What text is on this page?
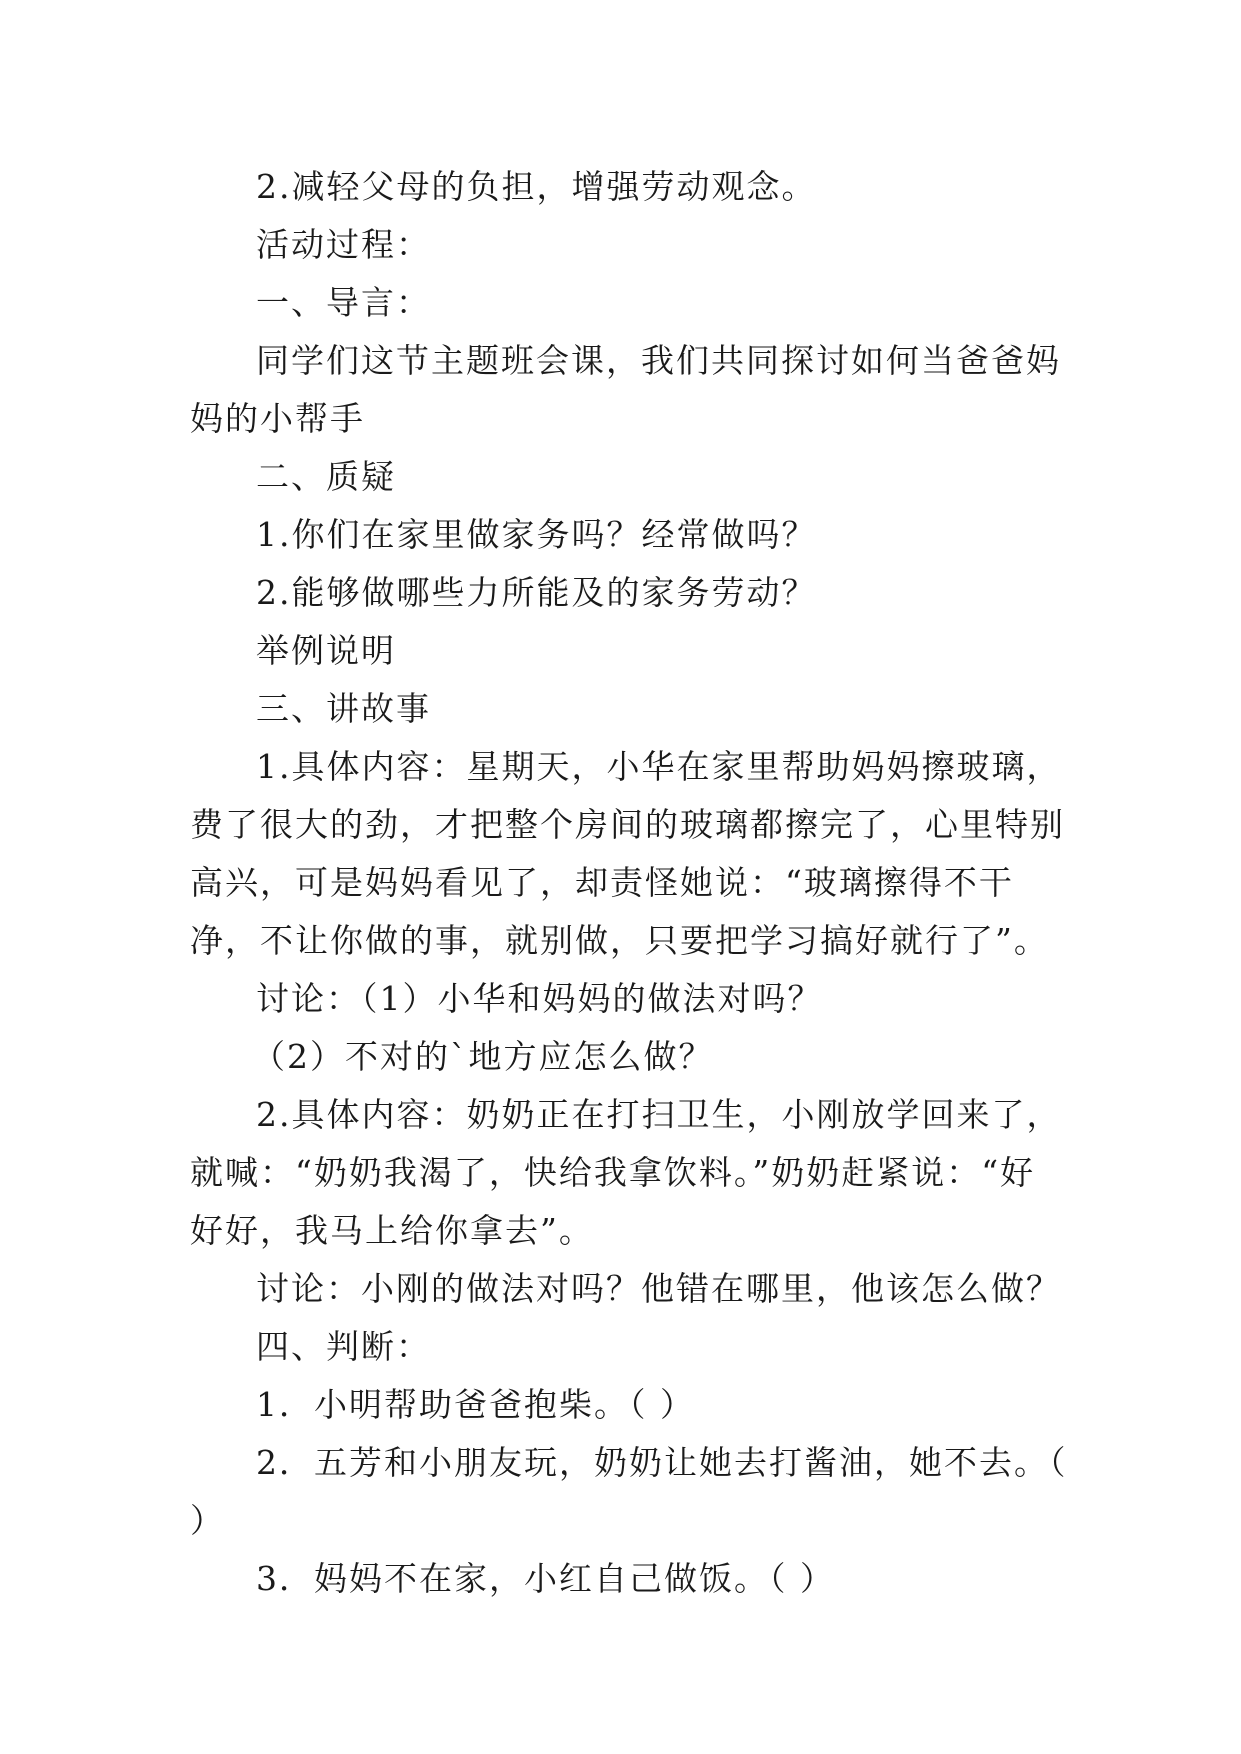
2.减轻父母的负担，增强劳动观念。

活动过程：

一、导言：

同学们这节主题班会课，我们共同探讨如何当爸爸妈妈的小帮手

二、质疑

1.你们在家里做家务吗？经常做吗？

2.能够做哪些力所能及的家务劳动？

举例说明

三、讲故事

1.具体内容：星期天，小华在家里帮助妈妈擦玻璃，费了很大的劲，才把整个房间的玻璃都擦完了，心里特别高兴，可是妈妈看见了，却责怪她说：“玻璃擦得不干净，不让你做的事，就别做，只要把学习搞好就行了”。

讨论：（1）小华和妈妈的做法对吗？

（2）不对的`地方应怎么做？

2.具体内容：奶奶正在打扫卫生，小刚放学回来了，就喊：“奶奶我渴了，快给我拿饮料。”奶奶赶紧说：“好好好，我马上给你拿去”。

讨论：小刚的做法对吗？他错在哪里，他该怎么做？

四、判断：

1．小明帮助爸爸抱柴。（ ）

2．五芳和小朋友玩，奶奶让她去打酱油，她不去。（ ）

3．妈妈不在家，小红自己做饭。（ ）
